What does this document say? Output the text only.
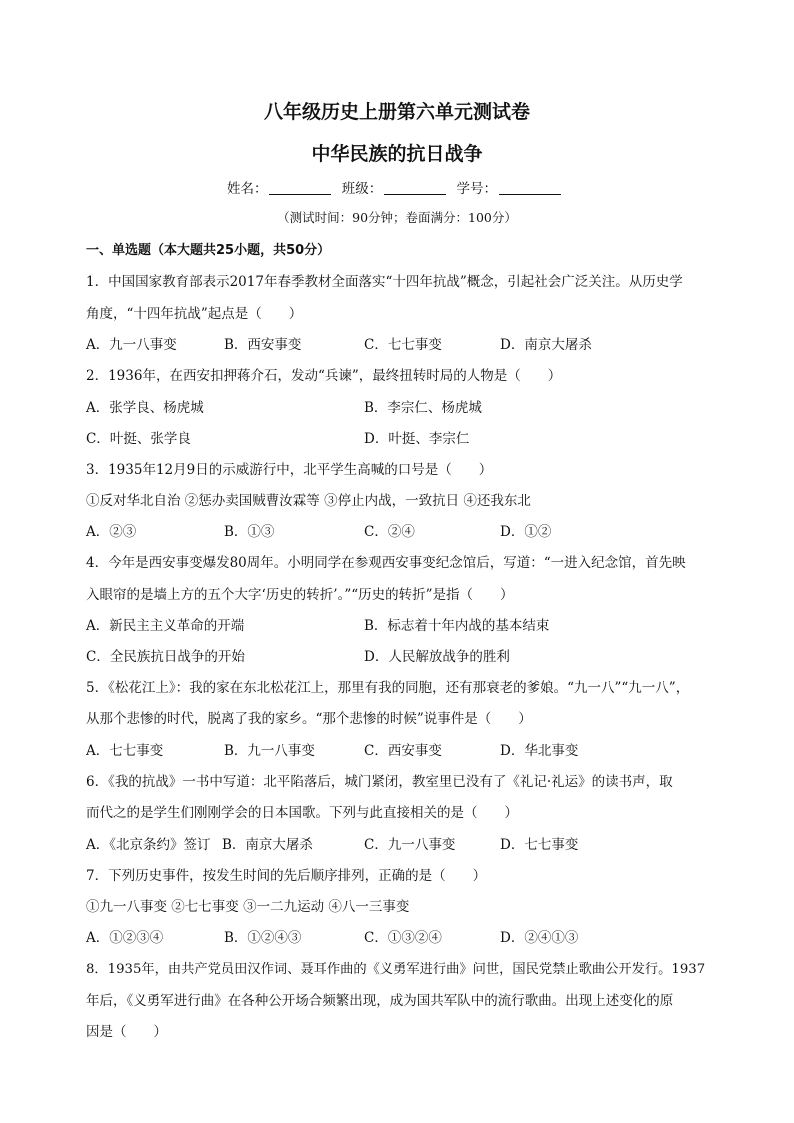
八年级历史上册第六单元测试卷
中华民族的抗日战争
姓名：	班级：	学号：
（测试时间：90分钟；卷面满分：100分）
一、单选题（本大题共25小题，共50分）
1．中国国家教育部表示2017年春季教材全面落实“十四年抗战”概念，引起社会广泛关注。从历史学
角度，“十四年抗战”起点是（　　）
A．九一八事变	B．西安事变	C．七七事变	D．南京大屠杀
2．1936年，在西安扣押蒋介石，发动“兵谏”，最终扭转时局的人物是（　　）
A．张学良、杨虎城	B．李宗仁、杨虎城
C．叶挺、张学良	D．叶挺、李宗仁
3．1935年12月9日的示威游行中，北平学生高喊的口号是（　　）
①反对华北自治 ②惩办卖国贼曹汝霖等 ③停止内战，一致抗日 ④还我东北
A．②③	B．①③	C．②④	D．①②
4．今年是西安事变爆发80周年。小明同学在参观西安事变纪念馆后，写道：“一进入纪念馆，首先映
入眼帘的是墙上方的五个大字‘历史的转折’。”“历史的转折”是指（　　）
A．新民主主义革命的开端	B．标志着十年内战的基本结束
C．全民族抗日战争的开始	D．人民解放战争的胜利
5．《松花江上》：我的家在东北松花江上，那里有我的同胞，还有那衰老的爹娘。“九一八”“九一八”，
从那个悲惨的时代，脱离了我的家乡。“那个悲惨的时候”说事件是（　　）
A．七七事变	B．九一八事变	C．西安事变	D．华北事变
6．《我的抗战》一书中写道：北平陷落后，城门紧闭，教室里已没有了《礼记·礼运》的读书声，取
而代之的是学生们刚刚学会的日本国歌。下列与此直接相关的是（　　）
A．《北京条约》签订 B．南京大屠杀	C．九一八事变	D．七七事变
7．下列历史事件，按发生时间的先后顺序排列，正确的是（　　）
①九一八事变 ②七七事变 ③一二九运动 ④八一三事变
A．①②③④	B．①②④③	C．①③②④	D．②④①③
8．1935年，由共产党员田汉作词、聂耳作曲的《义勇军进行曲》问世，国民党禁止歌曲公开发行。1937
年后，《义勇军进行曲》在各种公开场合频繁出现，成为国共军队中的流行歌曲。出现上述变化的原
因是（　　）
